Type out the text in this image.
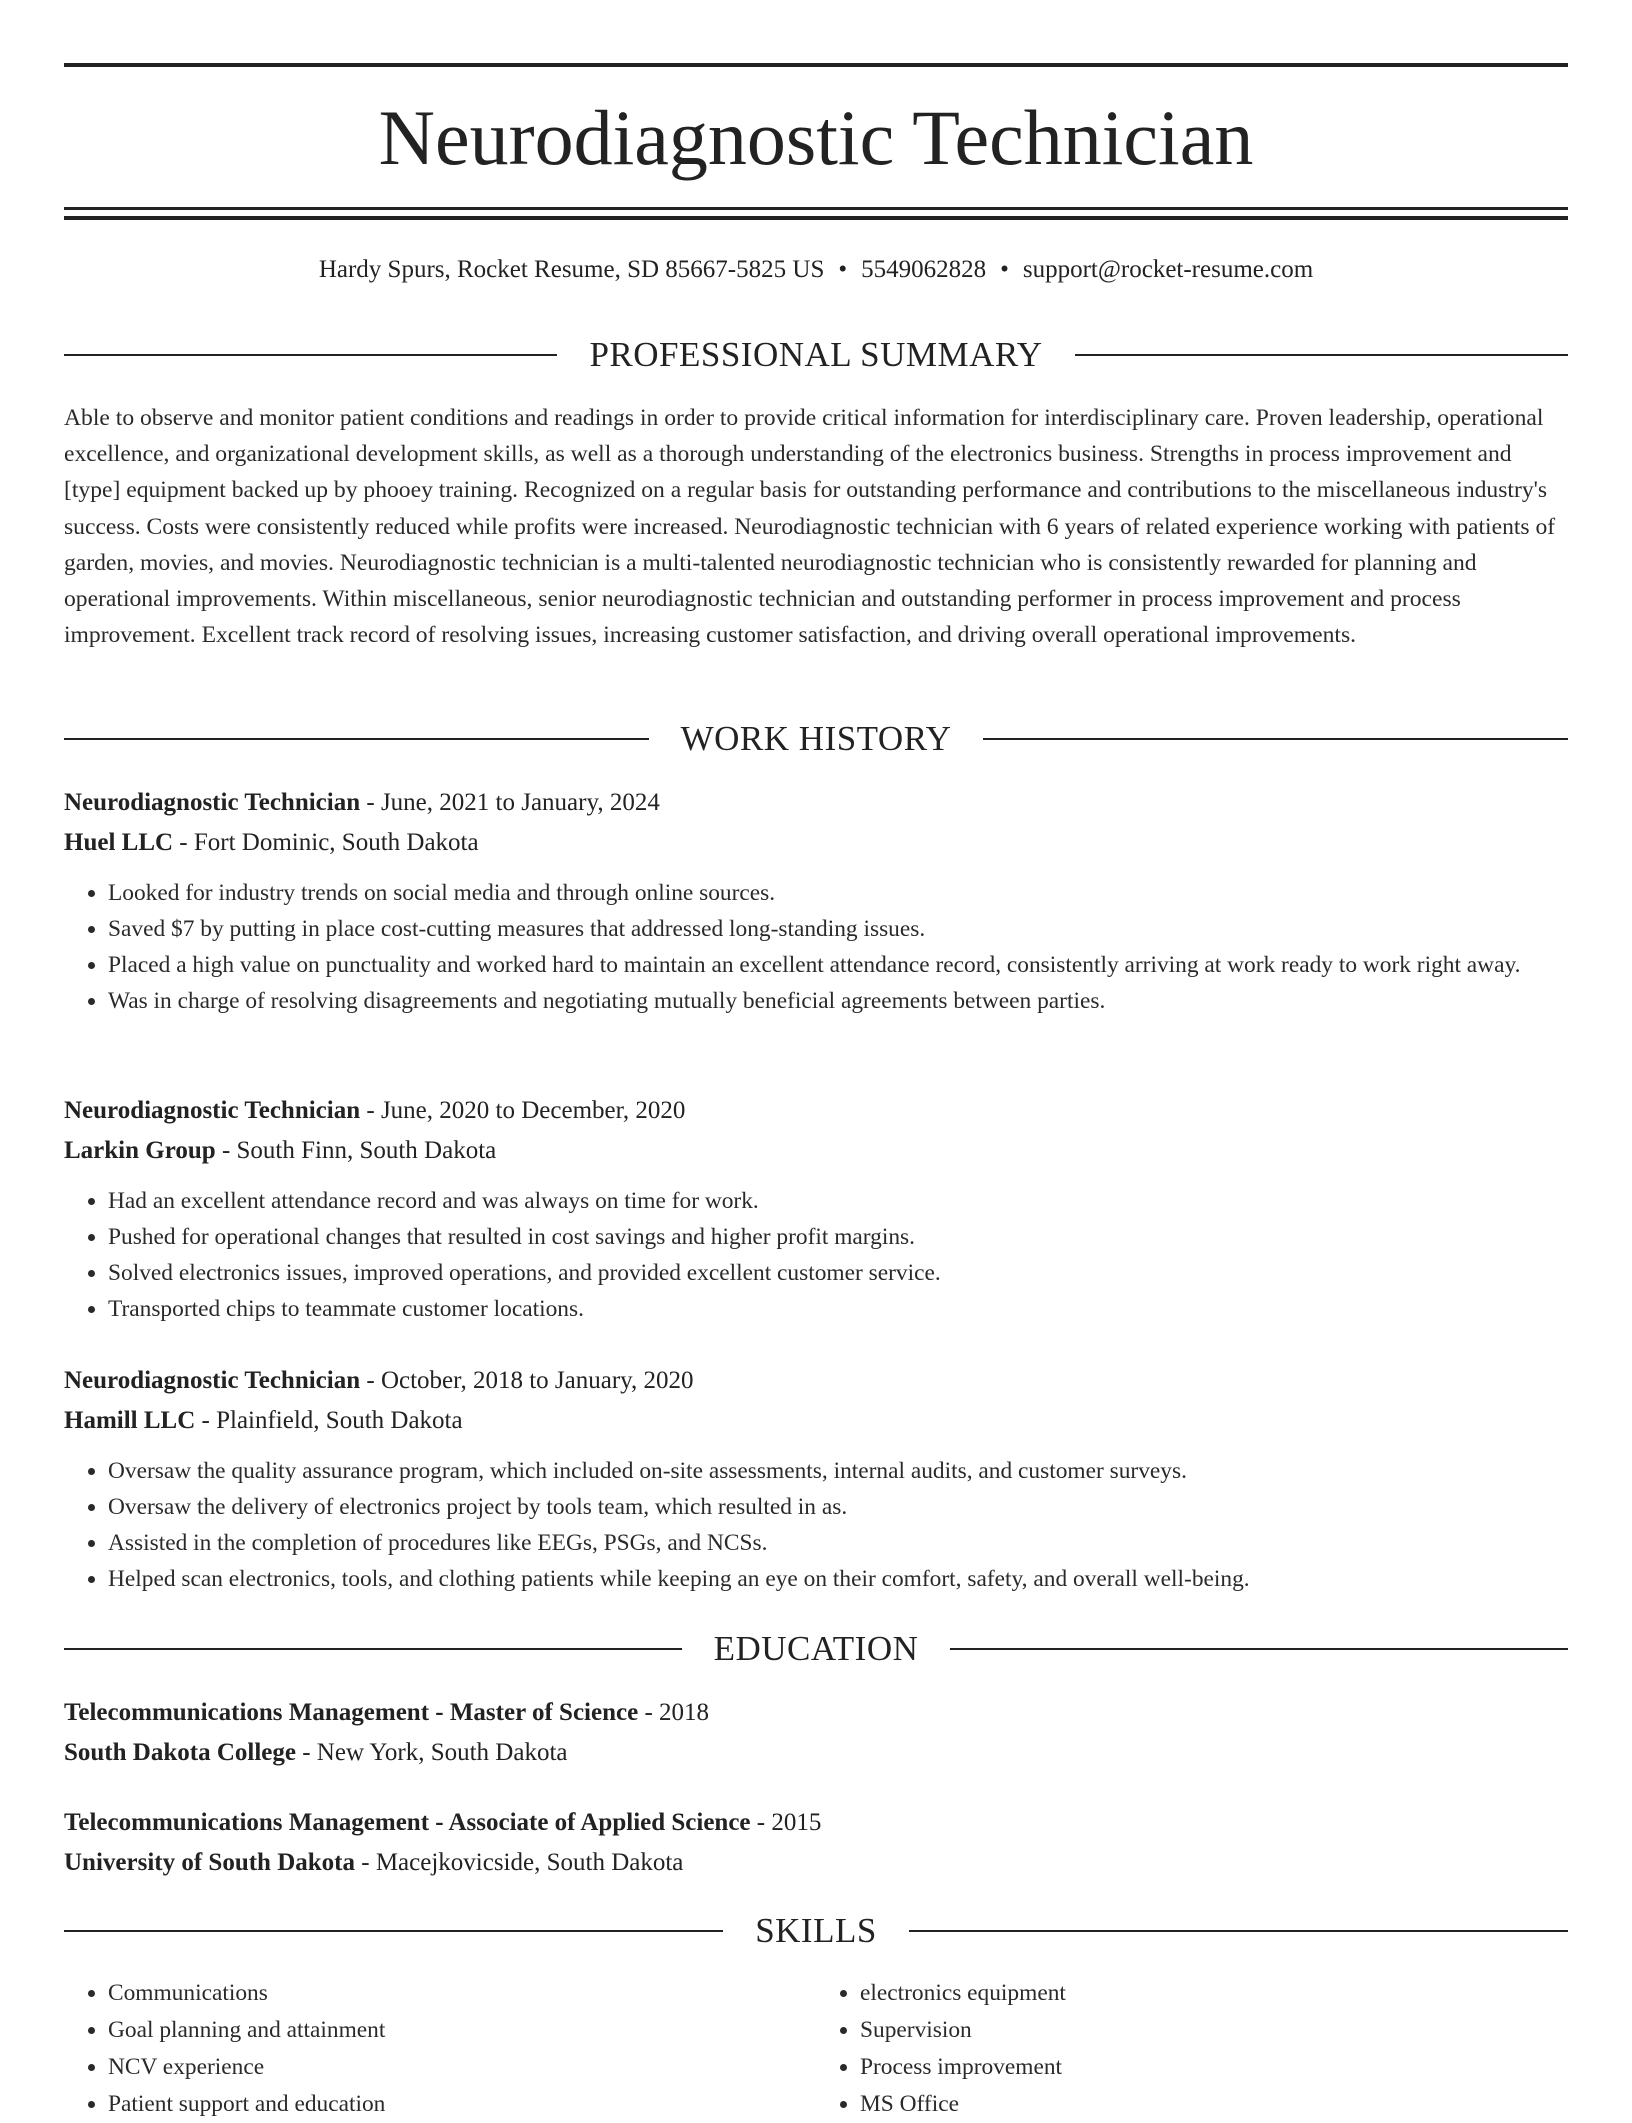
Neurodiagnostic Technician
Hardy Spurs, Rocket Resume, SD 85667-5825 US • 5549062828 • support@rocket-resume.com
PROFESSIONAL SUMMARY

Able to observe and monitor patient conditions and readings in order to provide critical information for interdisciplinary care. Proven leadership, operational excellence, and organizational development skills, as well as a thorough understanding of the electronics business. Strengths in process improvement and [type] equipment backed up by phooey training. Recognized on a regular basis for outstanding performance and contributions to the miscellaneous industry's success. Costs were consistently reduced while profits were increased. Neurodiagnostic technician with 6 years of related experience working with patients of garden, movies, and movies. Neurodiagnostic technician is a multi-talented neurodiagnostic technician who is consistently rewarded for planning and operational improvements. Within miscellaneous, senior neurodiagnostic technician and outstanding performer in process improvement and process improvement. Excellent track record of resolving issues, increasing customer satisfaction, and driving overall operational improvements.

WORK HISTORY
Neurodiagnostic Technician - June, 2021 to January, 2024
Huel LLC - Fort Dominic, South Dakota
• Looked for industry trends on social media and through online sources.
• Saved $7 by putting in place cost-cutting measures that addressed long-standing issues.
• Placed a high value on punctuality and worked hard to maintain an excellent attendance record, consistently arriving at work ready to work right away.
• Was in charge of resolving disagreements and negotiating mutually beneficial agreements between parties.
Neurodiagnostic Technician - June, 2020 to December, 2020
Larkin Group - South Finn, South Dakota
• Had an excellent attendance record and was always on time for work.
• Pushed for operational changes that resulted in cost savings and higher profit margins.
• Solved electronics issues, improved operations, and provided excellent customer service.
• Transported chips to teammate customer locations.
Neurodiagnostic Technician - October, 2018 to January, 2020
Hamill LLC - Plainfield, South Dakota
• Oversaw the quality assurance program, which included on-site assessments, internal audits, and customer surveys.
• Oversaw the delivery of electronics project by tools team, which resulted in as.
• Assisted in the completion of procedures like EEGs, PSGs, and NCSs.
• Helped scan electronics, tools, and clothing patients while keeping an eye on their comfort, safety, and overall well-being.
EDUCATION
Telecommunications Management - Master of Science - 2018
South Dakota College - New York, South Dakota
Telecommunications Management - Associate of Applied Science - 2015
University of South Dakota - Macejkovicside, South Dakota
SKILLS
• Communications
• Goal planning and attainment
• NCV experience
• Patient support and education
• electronics equipment
• Supervision
• Process improvement
• MS Office
